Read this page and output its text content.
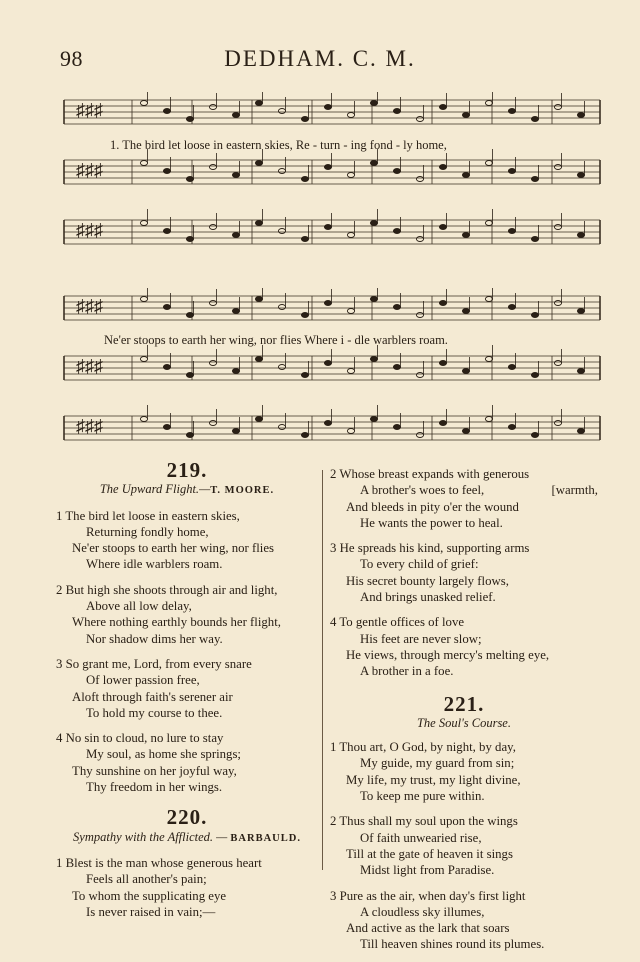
98	DEDHAM. C. M.
♯♯♯
♯♯♯
♯♯♯
1. The bird let loose in eastern skies, Re - turn - ing fond - ly home,
♯♯♯
♯♯♯
♯♯♯
Ne'er stoops to earth her wing, nor flies Where i - dle warblers roam.
219.
The Upward Flight.—T. MOORE.
1 The bird let loose in eastern skies,
Returning fondly home,
Ne'er stoops to earth her wing, nor flies
Where idle warblers roam.
2 But high she shoots through air and light,
Above all low delay,
Where nothing earthly bounds her flight,
Nor shadow dims her way.
3 So grant me, Lord, from every snare
Of lower passion free,
Aloft through faith's serener air
To hold my course to thee.
4 No sin to cloud, no lure to stay
My soul, as home she springs;
Thy sunshine on her joyful way,
Thy freedom in her wings.
220.
Sympathy with the Afflicted. — BARBAULD.
1 Blest is the man whose generous heart
Feels all another's pain;
To whom the supplicating eye
Is never raised in vain;—
2 Whose breast expands with generous
A brother's woes to feel,	[warmth,
And bleeds in pity o'er the wound
He wants the power to heal.
3 He spreads his kind, supporting arms
To every child of grief:
His secret bounty largely flows,
And brings unasked relief.
4 To gentle offices of love
His feet are never slow;
He views, through mercy's melting eye,
A brother in a foe.
221.
The Soul's Course.
1 Thou art, O God, by night, by day,
My guide, my guard from sin;
My life, my trust, my light divine,
To keep me pure within.
2 Thus shall my soul upon the wings
Of faith unwearied rise,
Till at the gate of heaven it sings
Midst light from Paradise.
3 Pure as the air, when day's first light
A cloudless sky illumes,
And active as the lark that soars
Till heaven shines round its plumes.
